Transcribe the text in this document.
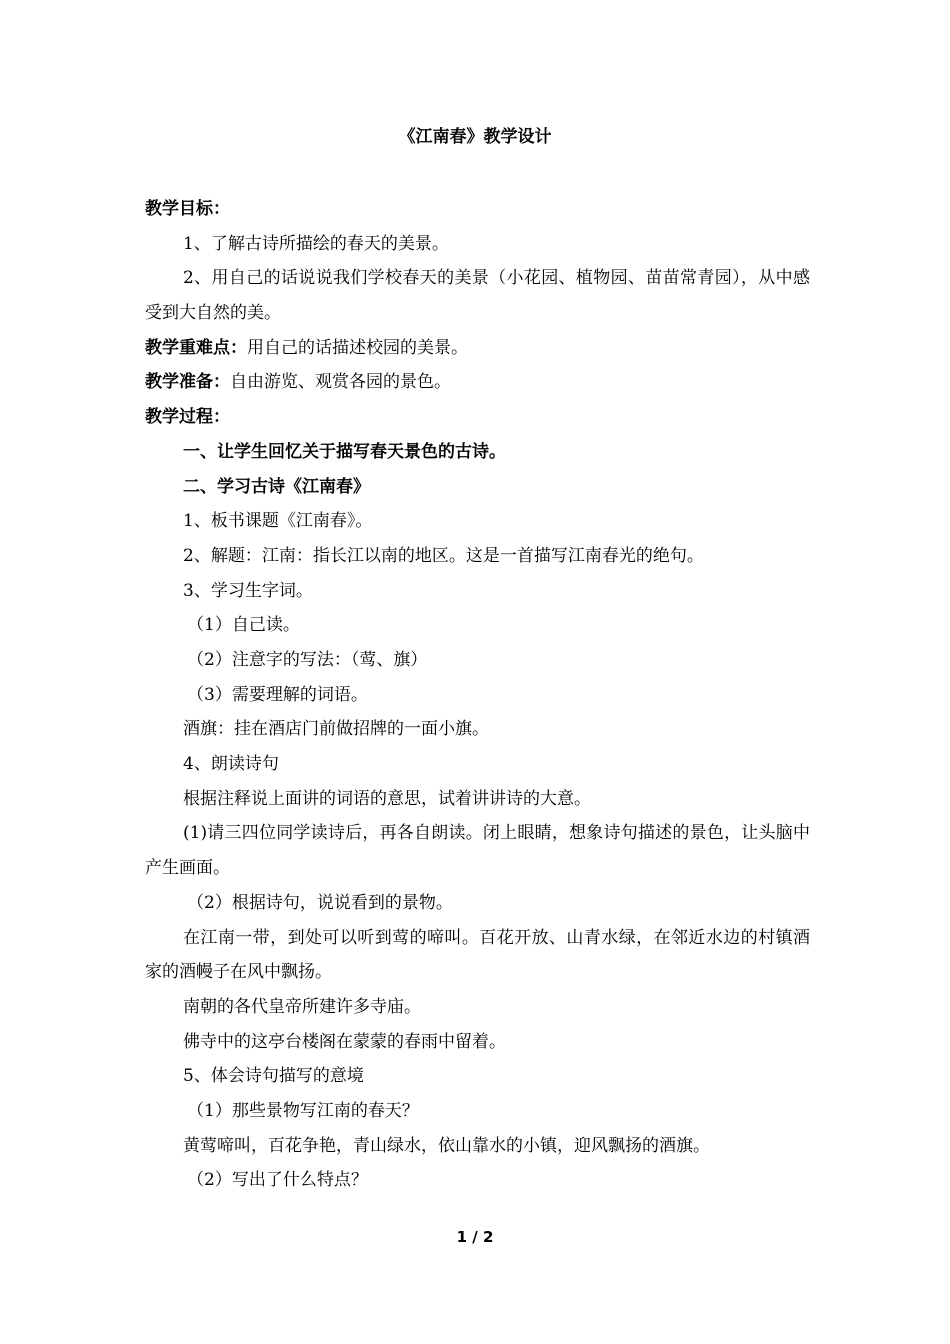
《江南春》教学设计

教学目标：

1、了解古诗所描绘的春天的美景。

2、用自己的话说说我们学校春天的美景（小花园、植物园、苗苗常青园），从中感受到大自然的美。

教学重难点：用自己的话描述校园的美景。

教学准备：自由游览、观赏各园的景色。

教学过程：

一、让学生回忆关于描写春天景色的古诗。

二、学习古诗《江南春》

1、板书课题《江南春》。

2、解题：江南：指长江以南的地区。这是一首描写江南春光的绝句。

3、学习生字词。

（1）自己读。

（2）注意字的写法：（莺、旗）

（3）需要理解的词语。

酒旗：挂在酒店门前做招牌的一面小旗。

4、朗读诗句

根据注释说上面讲的词语的意思，试着讲讲诗的大意。

(1)请三四位同学读诗后，再各自朗读。闭上眼睛，想象诗句描述的景色，让头脑中产生画面。

（2）根据诗句，说说看到的景物。

在江南一带，到处可以听到莺的啼叫。百花开放、山青水绿，在邻近水边的村镇酒家的酒幔子在风中飘扬。

南朝的各代皇帝所建许多寺庙。

佛寺中的这亭台楼阁在蒙蒙的春雨中留着。

5、体会诗句描写的意境

（1）那些景物写江南的春天？

黄莺啼叫，百花争艳，青山绿水，依山靠水的小镇，迎风飘扬的酒旗。

（2）写出了什么特点？

1 / 2
